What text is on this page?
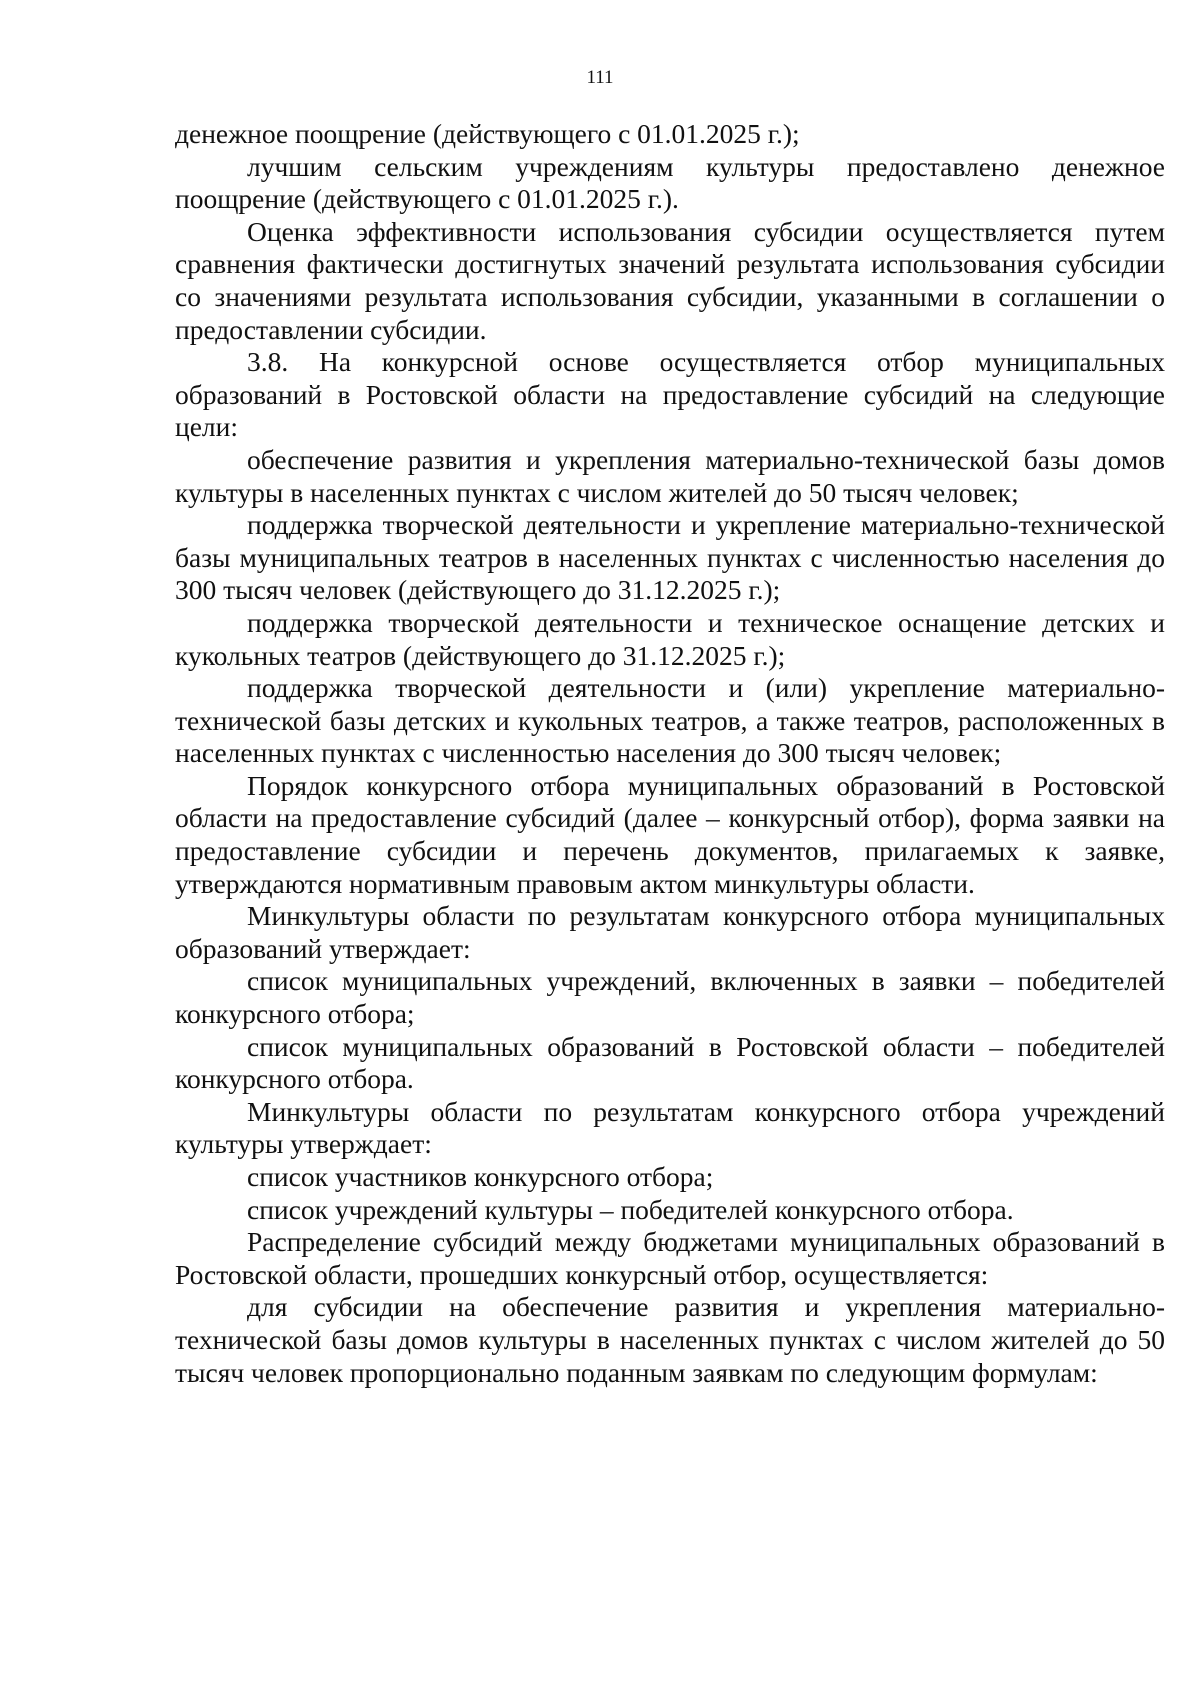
111

денежное поощрение (действующего с 01.01.2025 г.);

лучшим сельским учреждениям культуры предоставлено денежное поощрение (действующего с 01.01.2025 г.).

Оценка эффективности использования субсидии осуществляется путем сравнения фактически достигнутых значений результата использования субсидии со значениями результата использования субсидии, указанными в соглашении о предоставлении субсидии.

3.8. На конкурсной основе осуществляется отбор муниципальных образований в Ростовской области на предоставление субсидий на следующие цели:

обеспечение развития и укрепления материально-технической базы домов культуры в населенных пунктах с числом жителей до 50 тысяч человек;

поддержка творческой деятельности и укрепление материально-технической базы муниципальных театров в населенных пунктах с численностью населения до 300 тысяч человек (действующего до 31.12.2025 г.);

поддержка творческой деятельности и техническое оснащение детских и кукольных театров (действующего до 31.12.2025 г.);

поддержка творческой деятельности и (или) укрепление материально-технической базы детских и кукольных театров, а также театров, расположенных в населенных пунктах с численностью населения до 300 тысяч человек;

Порядок конкурсного отбора муниципальных образований в Ростовской области на предоставление субсидий (далее – конкурсный отбор), форма заявки на предоставление субсидии и перечень документов, прилагаемых к заявке, утверждаются нормативным правовым актом минкультуры области.

Минкультуры области по результатам конкурсного отбора муниципальных образований утверждает:

список муниципальных учреждений, включенных в заявки – победителей конкурсного отбора;

список муниципальных образований в Ростовской области – победителей конкурсного отбора.

Минкультуры области по результатам конкурсного отбора учреждений культуры утверждает:

список участников конкурсного отбора;

список учреждений культуры – победителей конкурсного отбора.

Распределение субсидий между бюджетами муниципальных образований в Ростовской области, прошедших конкурсный отбор, осуществляется:

для субсидии на обеспечение развития и укрепления материально-технической базы домов культуры в населенных пунктах с числом жителей до 50 тысяч человек пропорционально поданным заявкам по следующим формулам:
